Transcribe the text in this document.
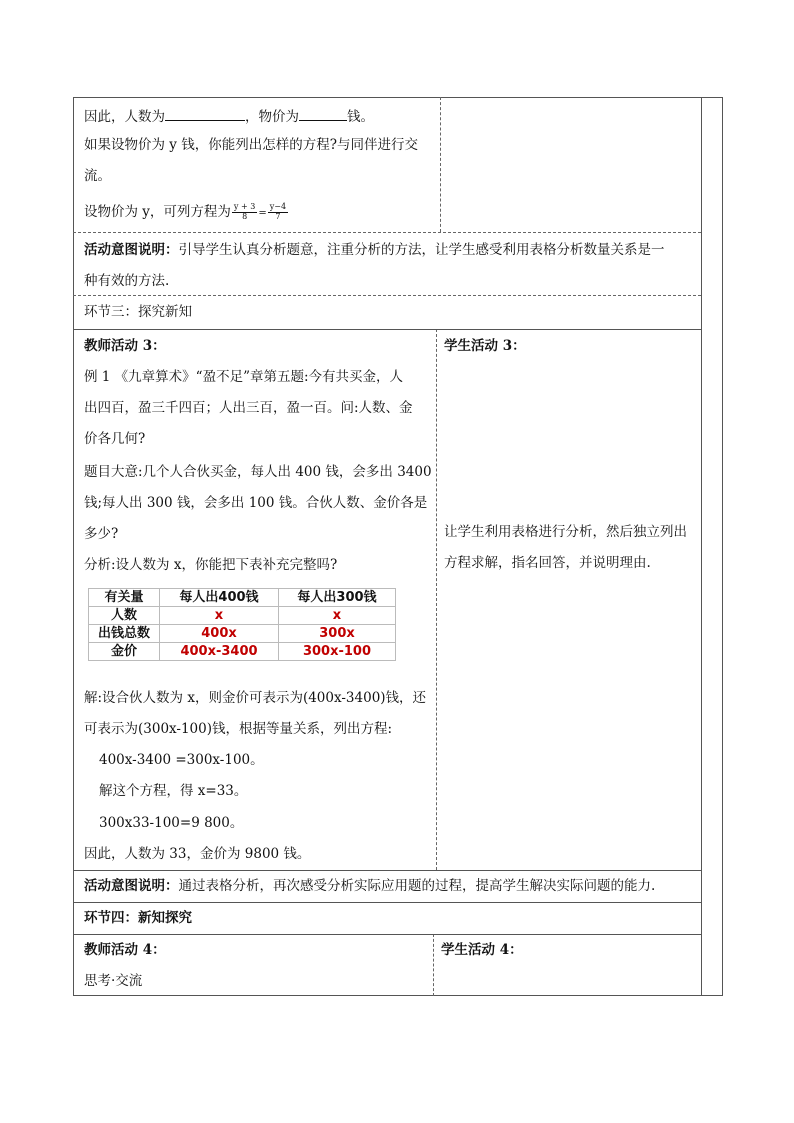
因此，人数为	，物价为	钱。
如果设物价为 y 钱，你能列出怎样的方程?与同伴进行交
流。
设物价为 y，可列方程为 $\frac{y + 3}{8} = \frac{y-4}{7}$
活动意图说明：引导学生认真分析题意，注重分析的方法，让学生感受利用表格分析数量关系是一
种有效的方法.
环节三：探究新知
教师活动 3：
例 1 《九章算术》“盈不足”章第五题:今有共买金，人
出四百，盈三千四百；人出三百，盈一百。问:人数、金
价各几何?
题目大意:几个人合伙买金，每人出 400 钱，会多出 3400
钱;每人出 300 钱，会多出 100 钱。合伙人数、金价各是
多少?
分析:设人数为 x，你能把下表补充完整吗?
有关量	每人出400钱	每人出300钱
人数	x	x
出钱总数	400x	300x
金价	400x-3400	300x-100
解:设合伙人数为 x，则金价可表示为(400x-3400)钱，还
可表示为(300x-100)钱，根据等量关系，列出方程:
400x-3400 =300x-100。
解这个方程，得 x=33。
300x33-100=9 800。
因此，人数为 33，金价为 9800 钱。
学生活动 3：
让学生利用表格进行分析，然后独立列出
方程求解，指名回答，并说明理由.
活动意图说明：通过表格分析，再次感受分析实际应用题的过程，提高学生解决实际问题的能力.
环节四：新知探究
教师活动 4：
思考·交流
学生活动 4：
